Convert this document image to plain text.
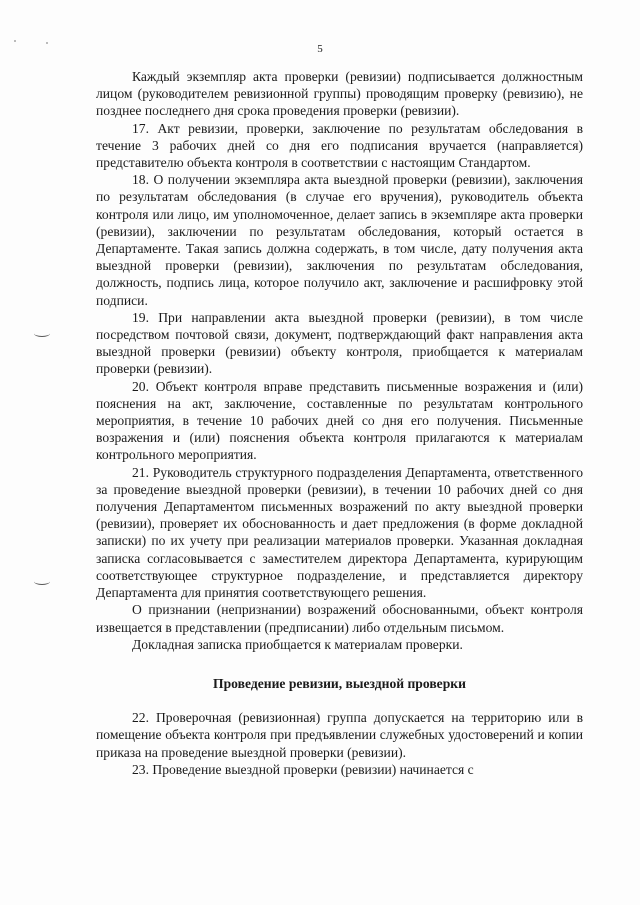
5

Каждый экземпляр акта проверки (ревизии) подписывается должностным лицом (руководителем ревизионной группы) проводящим проверку (ревизию), не позднее последнего дня срока проведения проверки (ревизии).

17. Акт ревизии, проверки, заключение по результатам обследования в течение 3 рабочих дней со дня его подписания вручается (направляется) представителю объекта контроля в соответствии с настоящим Стандартом.

18. О получении экземпляра акта выездной проверки (ревизии), заключения по результатам обследования (в случае его вручения), руководитель объекта контроля или лицо, им уполномоченное, делает запись в экземпляре акта проверки (ревизии), заключении по результатам обследования, который остается в Департаменте. Такая запись должна содержать, в том числе, дату получения акта выездной проверки (ревизии), заключения по результатам обследования, должность, подпись лица, которое получило акт, заключение и расшифровку этой подписи.

19. При направлении акта выездной проверки (ревизии), в том числе посредством почтовой связи, документ, подтверждающий факт направления акта выездной проверки (ревизии) объекту контроля, приобщается к материалам проверки (ревизии).

20. Объект контроля вправе представить письменные возражения и (или) пояснения на акт, заключение, составленные по результатам контрольного мероприятия, в течение 10 рабочих дней со дня его получения. Письменные возражения и (или) пояснения объекта контроля прилагаются к материалам контрольного мероприятия.

21. Руководитель структурного подразделения Департамента, ответственного за проведение выездной проверки (ревизии), в течении 10 рабочих дней со дня получения Департаментом письменных возражений по акту выездной проверки (ревизии), проверяет их обоснованность и дает предложения (в форме докладной записки) по их учету при реализации материалов проверки. Указанная докладная записка согласовывается с заместителем директора Департамента, курирующим соответствующее структурное подразделение, и представляется директору Департамента для принятия соответствующего решения.

О признании (непризнании) возражений обоснованными, объект контроля извещается в представлении (предписании) либо отдельным письмом.

Докладная записка приобщается к материалам проверки.

Проведение ревизии, выездной проверки

22. Проверочная (ревизионная) группа допускается на территорию или в помещение объекта контроля при предъявлении служебных удостоверений и копии приказа на проведение выездной проверки (ревизии).

23. Проведение выездной проверки (ревизии) начинается с
